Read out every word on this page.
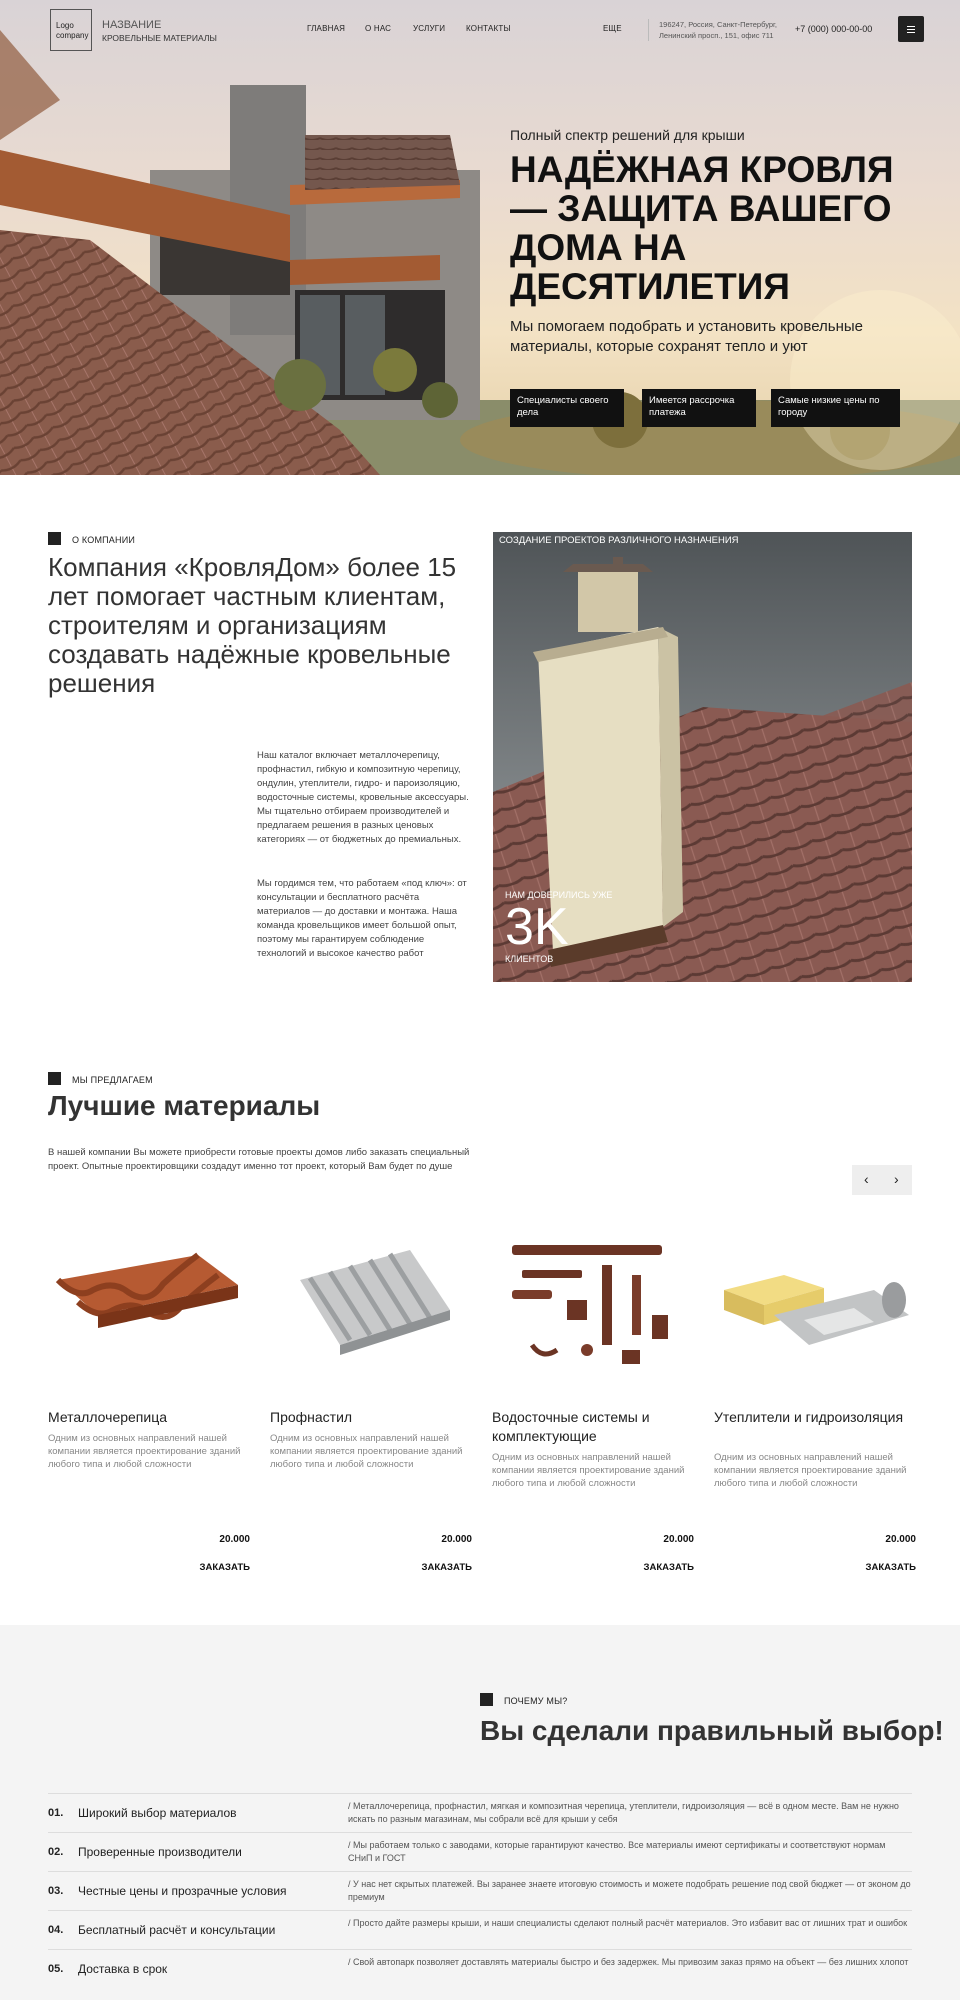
Logo company
НАЗВАНИЕ
КРОВЕЛЬНЫЕ МАТЕРИАЛЫ
ГЛАВНАЯ О НАС	УСЛУГИ	КОНТАКТЫ	ЕЩЕ	196247, Россия, Санкт-Петербург, Ленинский просп., 151, офис 711
+7 (000) 000-00-00
Полный спектр решений для крыши
НАДЁЖНАЯ КРОВЛЯ — ЗАЩИТА ВАШЕГО ДОМА НА ДЕСЯТИЛЕТИЯ

Мы помогаем подобрать и установить кровельные материалы, которые сохранят тепло и уют

Специалисты своего дела
Имеется рассрочка платежа
Самые низкие цены по городу
О КОМПАНИИ
Компания «КровляДом» более 15 лет помогает частным клиентам, строителям и организациям создавать надёжные кровельные решения

Наш каталог включает металлочерепицу, профнастил, гибкую и композитную черепицу, ондулин, утеплители, гидро- и пароизоляцию, водосточные системы, кровельные аксессуары. Мы тщательно отбираем производителей и предлагаем решения в разных ценовых категориях — от бюджетных до премиальных.

Мы гордимся тем, что работаем «под ключ»: от консультации и бесплатного расчёта материалов — до доставки и монтажа. Наша команда кровельщиков имеет большой опыт, поэтому мы гарантируем соблюдение технологий и высокое качество работ

СОЗДАНИЕ ПРОЕКТОВ РАЗЛИЧНОГО НАЗНАЧЕНИЯ
НАМ ДОВЕРИЛИСЬ УЖЕ
3K
КЛИЕНТОВ
МЫ ПРЕДЛАГАЕМ
Лучшие материалы

В нашей компании Вы можете приобрести готовые проекты домов либо заказать специальный проект. Опытные проектировщики создадут именно тот проект, который Вам будет по душе

‹ ›
Металлочерепица
Одним из основных направлений нашей компании является проектирование зданий любого типа и любой сложности
20.000
ЗАКАЗАТЬ
Профнастил
Одним из основных направлений нашей компании является проектирование зданий любого типа и любой сложности
20.000
ЗАКАЗАТЬ
Водосточные системы и комплектующие
Одним из основных направлений нашей компании является проектирование зданий любого типа и любой сложности
20.000
ЗАКАЗАТЬ
Утеплители и гидроизоляция
Одним из основных направлений нашей компании является проектирование зданий любого типа и любой сложности
20.000
ЗАКАЗАТЬ
ПОЧЕМУ МЫ?
Вы сделали правильный выбор!
01. Широкий выбор материалов	/ Металлочерепица, профнастил, мягкая и композитная черепица, утеплители, гидроизоляция — всё в одном месте. Вам не нужно искать по разным магазинам, мы собрали всё для крыши у себя
02. Проверенные производители	/ Мы работаем только с заводами, которые гарантируют качество. Все материалы имеют сертификаты и соответствуют нормам СНиП и ГОСТ
03. Честные цены и прозрачные условия	/ У нас нет скрытых платежей. Вы заранее знаете итоговую стоимость и можете подобрать решение под свой бюджет — от эконом до премиум
04. Бесплатный расчёт и консультации	/ Просто дайте размеры крыши, и наши специалисты сделают полный расчёт материалов. Это избавит вас от лишних трат и ошибок
05. Доставка в срок	/ Свой автопарк позволяет доставлять материалы быстро и без задержек. Мы привозим заказ прямо на объект — без лишних хлопот
